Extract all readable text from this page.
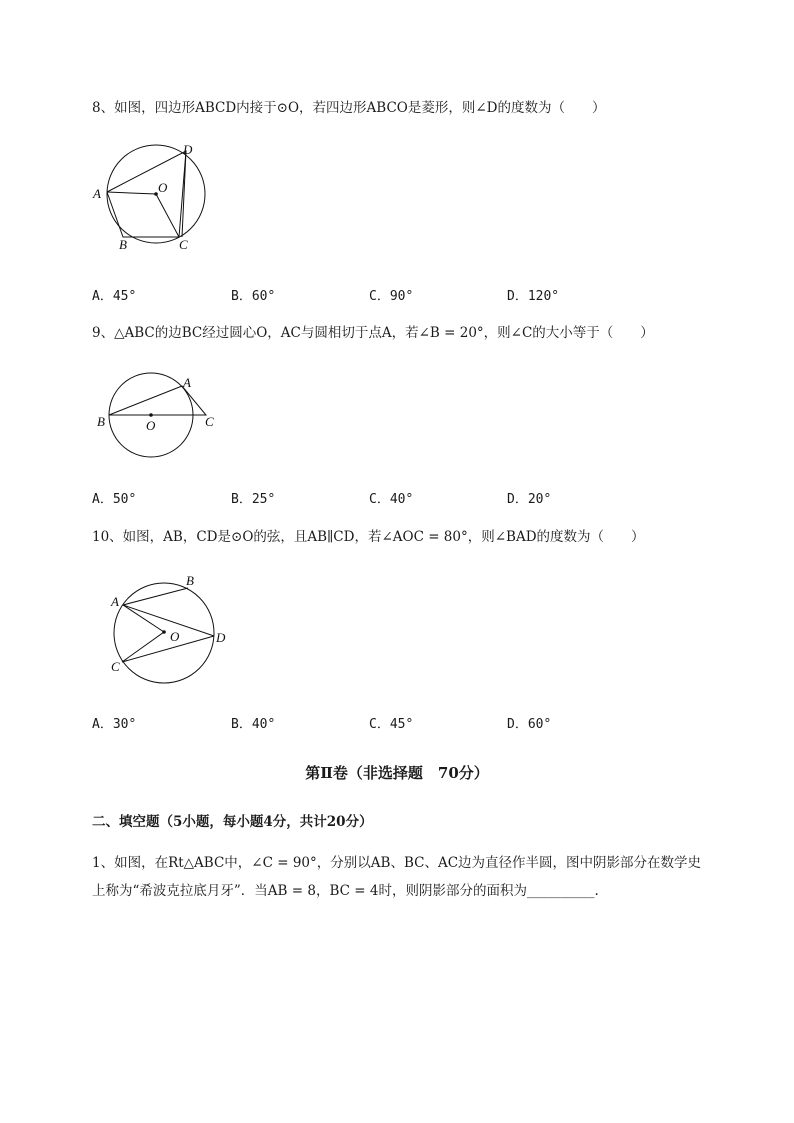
8、如图，四边形ABCD内接于⊙O，若四边形ABCO是菱形，则∠D的度数为（　　）
D
A	O
B	C
A．45°	B．60°	C．90°	D．120°
9、△ABC的边BC经过圆心O，AC与圆相切于点A，若∠B = 20°，则∠C的大小等于（　　）
A
B	O	C
A．50°	B．25°	C．40°	D．20°
10、如图，AB，CD是⊙O的弦，且AB∥CD，若∠AOC = 80°，则∠BAD的度数为（　　）
B
A
O	D
C
A．30°	B．40°	C．45°	D．60°
第Ⅱ卷（非选择题　70分）
二、填空题（5小题，每小题4分，共计20分）
1、如图，在Rt△ABC中，∠C = 90°，分别以AB、BC、AC边为直径作半圆，图中阴影部分在数学史
上称为“希波克拉底月牙”．当AB = 8，BC = 4时，则阴影部分的面积为__________.
